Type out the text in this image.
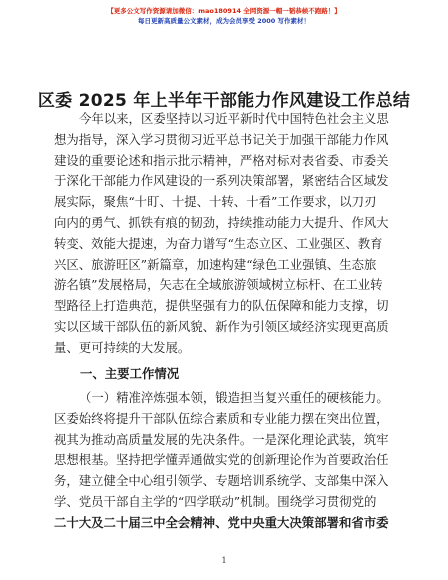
【更多公文写作资源请加微信：mao180914 全网资源一帽一韬恭候不跑路！】
每日更新高质量公文素材，成为会员享受 2000 写作素材！
区委 2025 年上半年干部能力作风建设工作总结
今年以来，区委坚持以习近平新时代中国特色社会主义思
想为指导，深入学习贯彻习近平总书记关于加强干部能力作风
建设的重要论述和指示批示精神，严格对标对表省委、市委关
于深化干部能力作风建设的一系列决策部署，紧密结合区域发
展实际，聚焦“十盯、十提、十转、十看”工作要求，以刀刃
向内的勇气、抓铁有痕的韧劲，持续推动能力大提升、作风大
转变、效能大提速，为奋力谱写“生态立区、工业强区、教育
兴区、旅游旺区”新篇章，加速构建“绿色工业强镇、生态旅
游名镇”发展格局，矢志在全域旅游领域树立标杆、在工业转
型路径上打造典范，提供坚强有力的队伍保障和能力支撑，切
实以区域干部队伍的新风貌、新作为引领区域经济实现更高质
量、更可持续的大发展。
一、主要工作情况
（一）精准淬炼强本领，锻造担当复兴重任的硬核能力。
区委始终将提升干部队伍综合素质和专业能力摆在突出位置，
视其为推动高质量发展的先决条件。一是深化理论武装，筑牢
思想根基。坚持把学懂弄通做实党的创新理论作为首要政治任
务，建立健全中心组引领学、专题培训系统学、支部集中深入
学、党员干部自主学的“四学联动”机制。围绕学习贯彻党的
二十大及二十届三中全会精神、党中央重大决策部署和省市委
1
